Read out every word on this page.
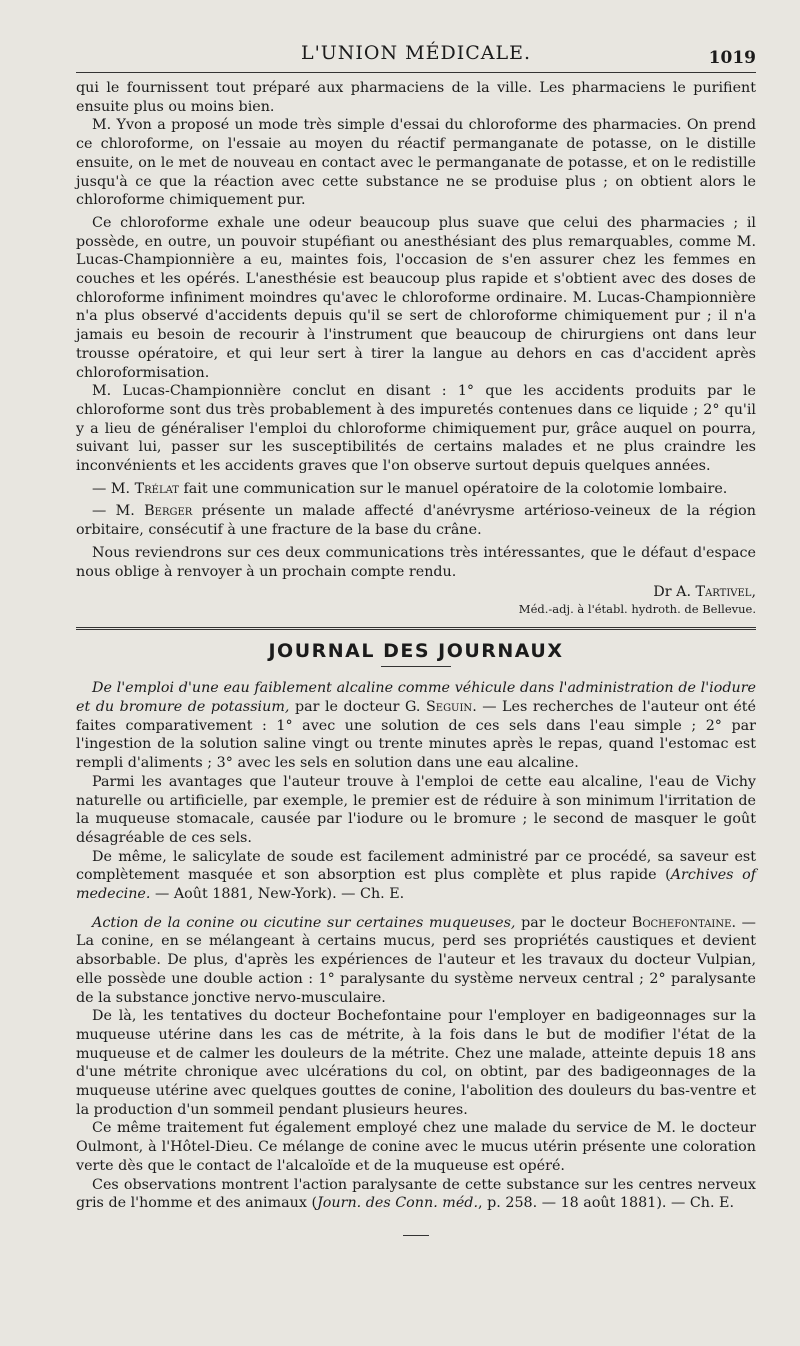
L'UNION MÉDICALE.	1019

qui le fournissent tout préparé aux pharmaciens de la ville. Les pharmaciens le purifient ensuite plus ou moins bien.

M. Yvon a proposé un mode très simple d'essai du chloroforme des pharmacies. On prend ce chloroforme, on l'essaie au moyen du réactif permanganate de potasse, on le distille ensuite, on le met de nouveau en contact avec le permanganate de potasse, et on le redistille jusqu'à ce que la réaction avec cette substance ne se produise plus ; on obtient alors le chloroforme chimiquement pur.

Ce chloroforme exhale une odeur beaucoup plus suave que celui des pharmacies ; il possède, en outre, un pouvoir stupéfiant ou anesthésiant des plus remarquables, comme M. Lucas-Championnière a eu, maintes fois, l'occasion de s'en assurer chez les femmes en couches et les opérés. L'anesthésie est beaucoup plus rapide et s'obtient avec des doses de chloroforme infiniment moindres qu'avec le chloroforme ordinaire. M. Lucas-Championnière n'a plus observé d'accidents depuis qu'il se sert de chloroforme chimiquement pur ; il n'a jamais eu besoin de recourir à l'instrument que beaucoup de chirurgiens ont dans leur trousse opératoire, et qui leur sert à tirer la langue au dehors en cas d'accident après chloroformisation.

M. Lucas-Championnière conclut en disant : 1° que les accidents produits par le chloroforme sont dus très probablement à des impuretés contenues dans ce liquide ; 2° qu'il y a lieu de généraliser l'emploi du chloroforme chimiquement pur, grâce auquel on pourra, suivant lui, passer sur les susceptibilités de certains malades et ne plus craindre les inconvénients et les accidents graves que l'on observe surtout depuis quelques années.

— M. Trélat fait une communication sur le manuel opératoire de la colotomie lombaire.

— M. Berger présente un malade affecté d'anévrysme artérioso-veineux de la région orbitaire, consécutif à une fracture de la base du crâne.

Nous reviendrons sur ces deux communications très intéressantes, que le défaut d'espace nous oblige à renvoyer à un prochain compte rendu.

Dr A. Tartivel,
Méd.-adj. à l'établ. hydroth. de Bellevue.
JOURNAL DES JOURNAUX

De l'emploi d'une eau faiblement alcaline comme véhicule dans l'administration de l'iodure et du bromure de potassium, par le docteur G. Seguin. — Les recherches de l'auteur ont été faites comparativement : 1° avec une solution de ces sels dans l'eau simple ; 2° par l'ingestion de la solution saline vingt ou trente minutes après le repas, quand l'estomac est rempli d'aliments ; 3° avec les sels en solution dans une eau alcaline.

Parmi les avantages que l'auteur trouve à l'emploi de cette eau alcaline, l'eau de Vichy naturelle ou artificielle, par exemple, le premier est de réduire à son minimum l'irritation de la muqueuse stomacale, causée par l'iodure ou le bromure ; le second de masquer le goût désagréable de ces sels.

De même, le salicylate de soude est facilement administré par ce procédé, sa saveur est complètement masquée et son absorption est plus complète et plus rapide (Archives of medecine. — Août 1881, New-York). — Ch. E.

Action de la conine ou cicutine sur certaines muqueuses, par le docteur Bochefontaine. — La conine, en se mélangeant à certains mucus, perd ses propriétés caustiques et devient absorbable. De plus, d'après les expériences de l'auteur et les travaux du docteur Vulpian, elle possède une double action : 1° paralysante du système nerveux central ; 2° paralysante de la substance jonctive nervo-musculaire.

De là, les tentatives du docteur Bochefontaine pour l'employer en badigeonnages sur la muqueuse utérine dans les cas de métrite, à la fois dans le but de modifier l'état de la muqueuse et de calmer les douleurs de la métrite. Chez une malade, atteinte depuis 18 ans d'une métrite chronique avec ulcérations du col, on obtint, par des badigeonnages de la muqueuse utérine avec quelques gouttes de conine, l'abolition des douleurs du bas-ventre et la production d'un sommeil pendant plusieurs heures.

Ce même traitement fut également employé chez une malade du service de M. le docteur Oulmont, à l'Hôtel-Dieu. Ce mélange de conine avec le mucus utérin présente une coloration verte dès que le contact de l'alcaloïde et de la muqueuse est opéré.

Ces observations montrent l'action paralysante de cette substance sur les centres nerveux gris de l'homme et des animaux (Journ. des Conn. méd., p. 258. — 18 août 1881). — Ch. E.
